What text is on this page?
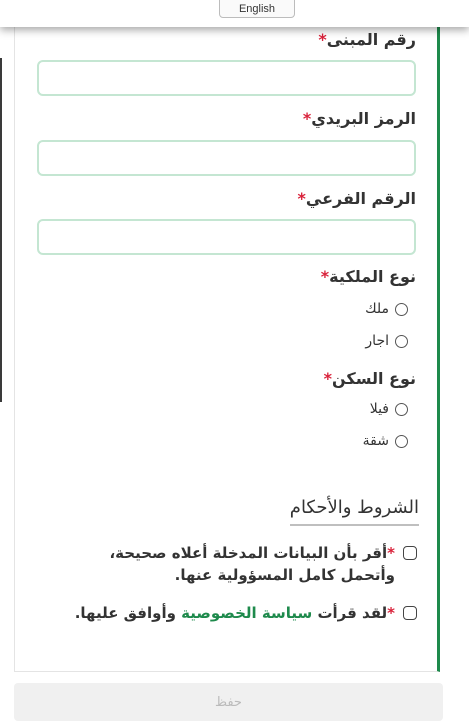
English
رقم المبنى*
الرمز البريدي*
الرقم الفرعي*
نوع الملكية*
ملك
اجار
نوع السكن*
فيلا
شقة
الشروط والأحكام
*أقر بأن البيانات المدخلة أعلاه صحيحة،
وأتحمل كامل المسؤولية عنها.
*لقد قرأت سياسة الخصوصية وأوافق عليها.
حفظ
